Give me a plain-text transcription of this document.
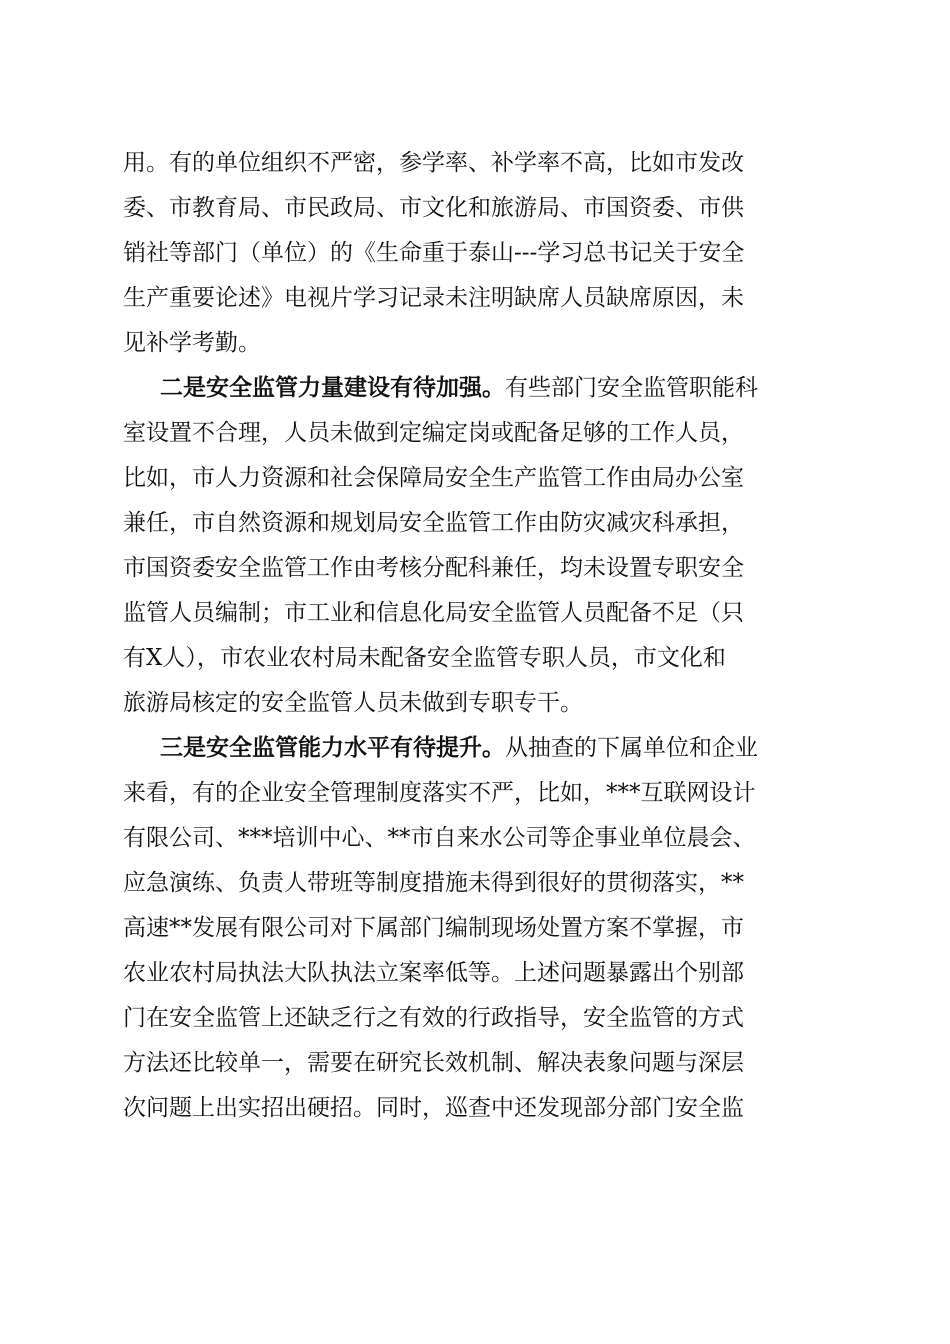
用。有的单位组织不严密，参学率、补学率不高，比如市发改
委、市教育局、市民政局、市文化和旅游局、市国资委、市供
销社等部门（单位）的《生命重于泰山---学习总书记关于安全
生产重要论述》电视片学习记录未注明缺席人员缺席原因，未
见补学考勤。
二是安全监管力量建设有待加强。有些部门安全监管职能科
室设置不合理，人员未做到定编定岗或配备足够的工作人员，
比如，市人力资源和社会保障局安全生产监管工作由局办公室
兼任，市自然资源和规划局安全监管工作由防灾减灾科承担，
市国资委安全监管工作由考核分配科兼任，均未设置专职安全
监管人员编制；市工业和信息化局安全监管人员配备不足（只
有X人），市农业农村局未配备安全监管专职人员，市文化和
旅游局核定的安全监管人员未做到专职专干。
三是安全监管能力水平有待提升。从抽查的下属单位和企业
来看，有的企业安全管理制度落实不严，比如，***互联网设计
有限公司、***培训中心、**市自来水公司等企事业单位晨会、
应急演练、负责人带班等制度措施未得到很好的贯彻落实，**
高速**发展有限公司对下属部门编制现场处置方案不掌握，市
农业农村局执法大队执法立案率低等。上述问题暴露出个别部
门在安全监管上还缺乏行之有效的行政指导，安全监管的方式
方法还比较单一，需要在研究长效机制、解决表象问题与深层
次问题上出实招出硬招。同时，巡查中还发现部分部门安全监
